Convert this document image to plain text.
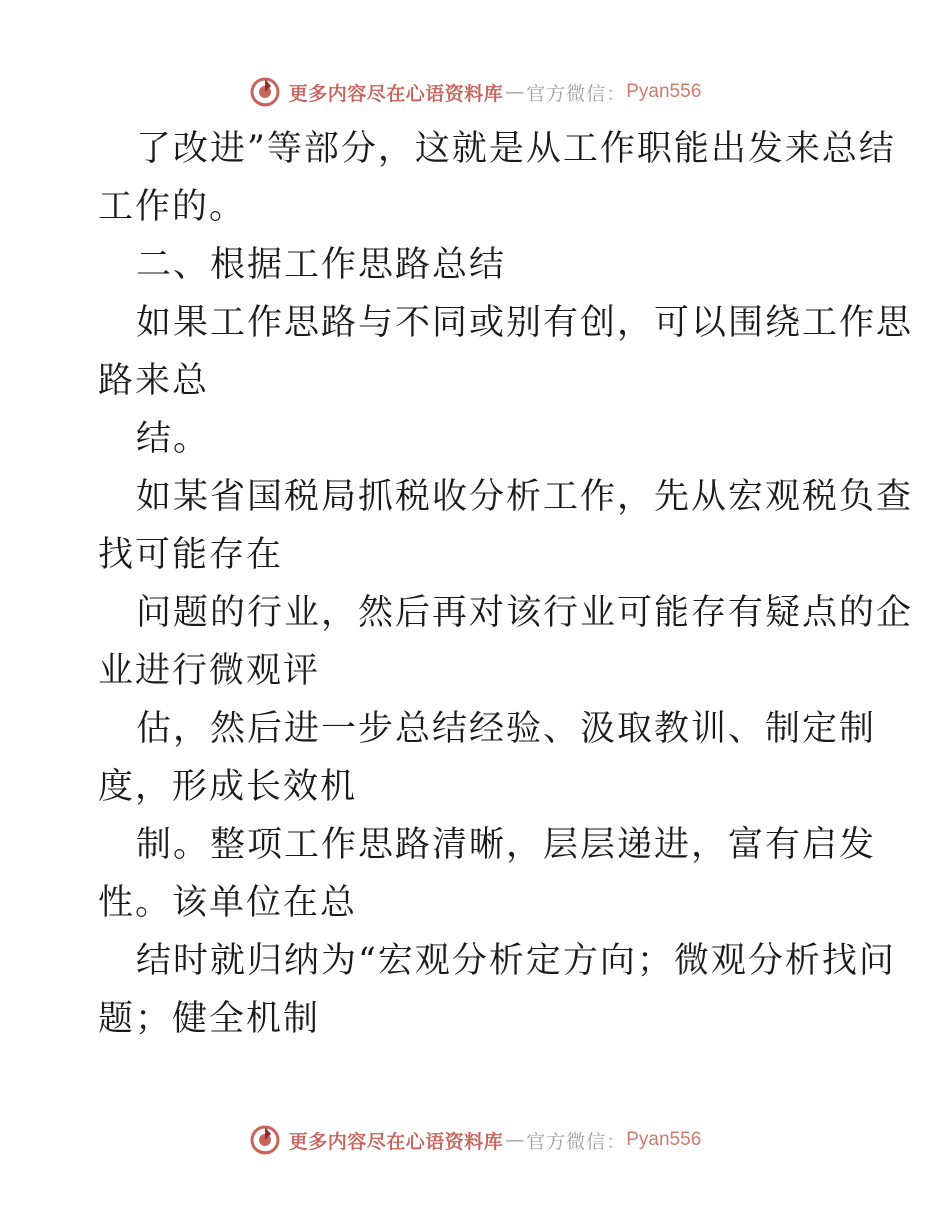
更多内容尽在心语资料库 — 官方微信： Pyan556
了改进”等部分，这就是从工作职能出发来总结
工作的。
二、根据工作思路总结
如果工作思路与不同或别有创，可以围绕工作思
路来总
结。
如某省国税局抓税收分析工作，先从宏观税负查
找可能存在
问题的行业，然后再对该行业可能存有疑点的企
业进行微观评
估，然后进一步总结经验、汲取教训、制定制
度，形成长效机
制。整项工作思路清晰，层层递进，富有启发
性。该单位在总
结时就归纳为“宏观分析定方向；微观分析找问
题；健全机制
更多内容尽在心语资料库 — 官方微信： Pyan556
